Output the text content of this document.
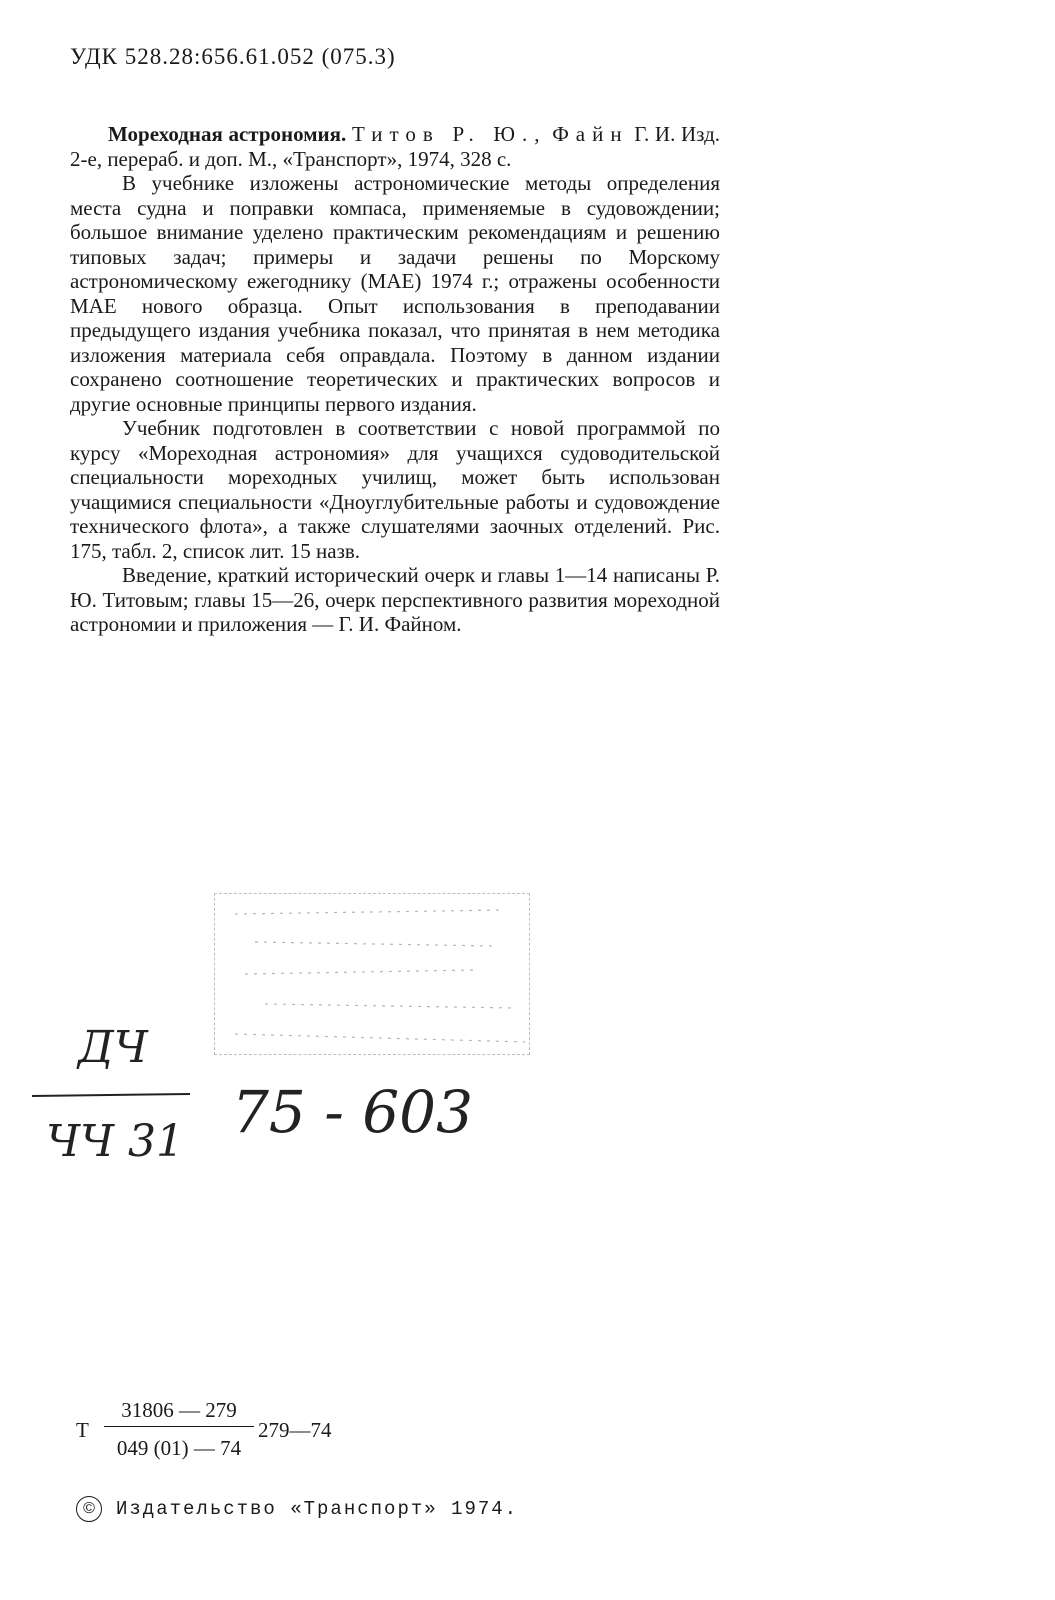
УДК 528.28:656.61.052 (075.3)

Мореходная астрономия. Титов Р. Ю., Файн Г. И. Изд. 2-е, перераб. и доп. М., «Транспорт», 1974, 328 с.

В учебнике изложены астрономические методы определения места судна и поправки компаса, применяемые в судовождении; большое внимание уделено практическим рекомендациям и решению типовых задач; примеры и задачи решены по Морскому астрономическому ежегоднику (МАЕ) 1974 г.; отражены особенности МАЕ нового образца. Опыт использования в преподавании предыдущего издания учебника показал, что принятая в нем методика изложения материала себя оправдала. Поэтому в данном издании сохранено соотношение теоретических и практических вопросов и другие основные принципы первого издания.

Учебник подготовлен в соответствии с новой программой по курсу «Мореходная астрономия» для учащихся судоводительской специальности мореходных училищ, может быть использован учащимися специальности «Дноуглубительные работы и судовождение технического флота», а также слушателями заочных отделений. Рис. 175, табл. 2, список лит. 15 назв.

Введение, краткий исторический очерк и главы 1—14 написаны Р. Ю. Титовым; главы 15—26, очерк перспективного развития мореходной астрономии и приложения — Г. И. Файном.

ДЧ
ЧЧ 31 75 - 603
Т
31806 — 279
049 (01) — 74
279—74
© Издательство «Транспорт» 1974.
